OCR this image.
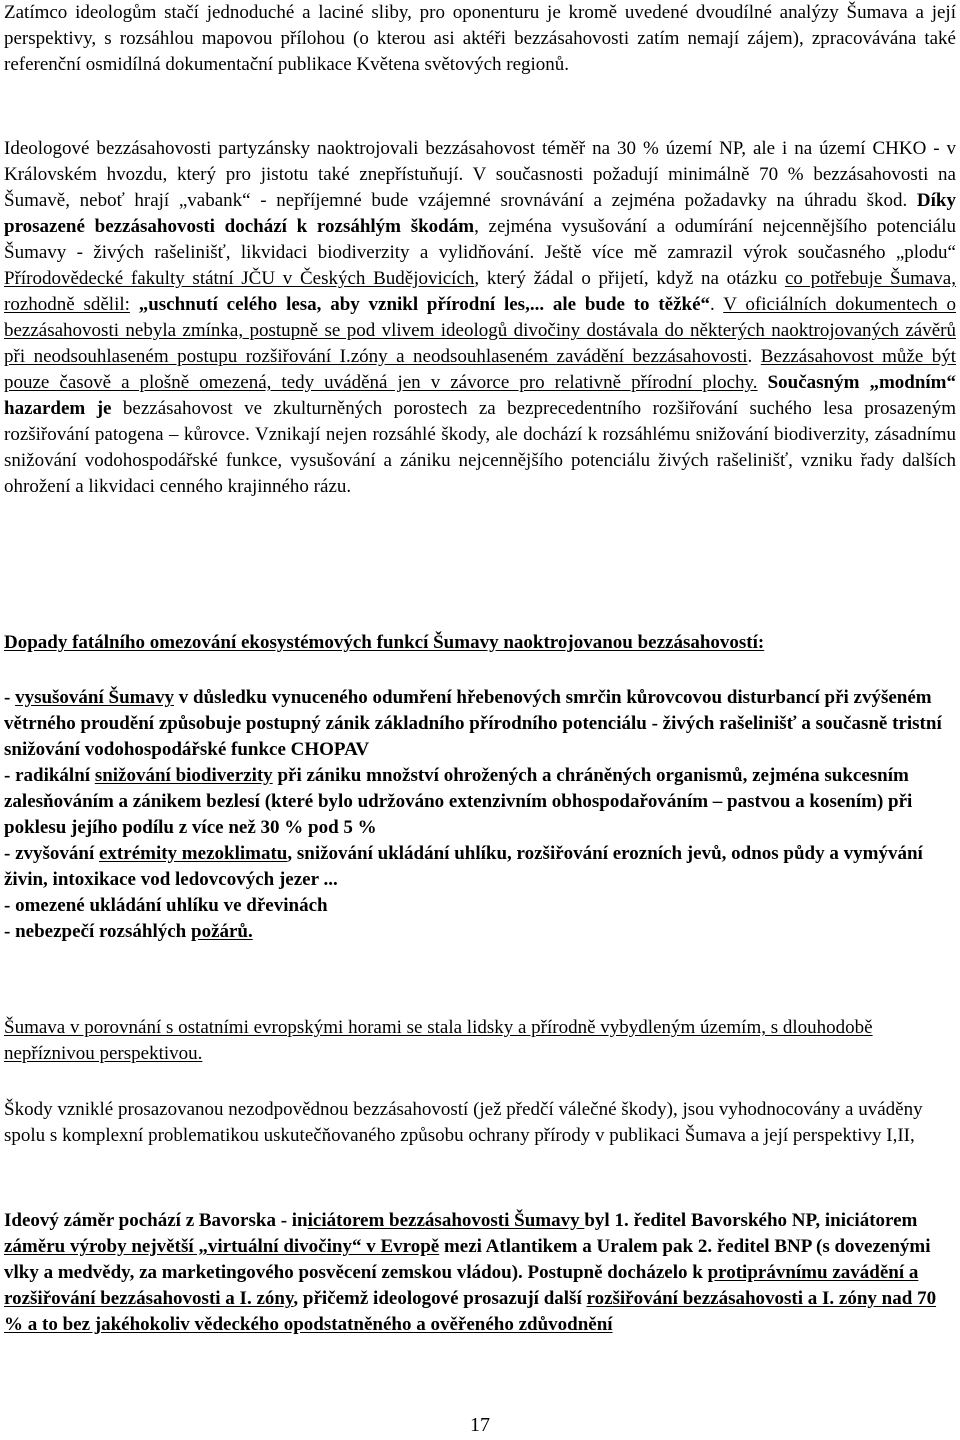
Zatímco ideologům stačí jednoduché a laciné sliby, pro oponenturu je kromě uvedené dvoudílné analýzy Šumava a její perspektivy, s rozsáhlou mapovou přílohou (o kterou asi aktéři bezzásahovosti zatím nemají zájem), zpracovávána také referenční osmidílná dokumentační publikace Květena světových regionů.

Ideologové bezzásahovosti partyzánsky naoktrojovali bezzásahovost téměř na 30 % území NP, ale i na území CHKO - v Královském hvozdu, který pro jistotu také znepřístuňují. V současnosti požadují minimálně 70 % bezzásahovosti na Šumavě, neboť hrají „vabank“ - nepříjemné bude vzájemné srovnávání a zejména požadavky na úhradu škod. Díky prosazené bezzásahovosti dochází k rozsáhlým škodám, zejména vysušování a odumírání nejcennějšího potenciálu Šumavy - živých rašelinišť, likvidaci biodiverzity a vylidňování. Ještě více mě zamrazil výrok současného „plodu“ Přírodovědecké fakulty státní JČU v Českých Budějovicích, který žádal o přijetí, když na otázku co potřebuje Šumava, rozhodně sdělil: „uschnutí celého lesa, aby vznikl přírodní les,... ale bude to těžké“. V oficiálních dokumentech o bezzásahovosti nebyla zmínka, postupně se pod vlivem ideologů divočiny dostávala do některých naoktrojovaných závěrů při neodsouhlaseném postupu rozšiřování I.zóny a neodsouhlaseném zavádění bezzásahovosti. Bezzásahovost může být pouze časově a plošně omezená, tedy uváděná jen v závorce pro relativně přírodní plochy. Současným „modním“ hazardem je bezzásahovost ve zkulturněných porostech za bezprecedentního rozšiřování suchého lesa prosazeným rozšiřování patogena – kůrovce. Vznikají nejen rozsáhlé škody, ale dochází k rozsáhlému snižování biodiverzity, zásadnímu snižování vodohospodářské funkce, vysušování a zániku nejcennějšího potenciálu živých rašelinišť, vzniku řady dalších ohrožení a likvidaci cenného krajinného rázu.

Dopady fatálního omezování ekosystémových funkcí Šumavy naoktrojovanou bezzásahovostí:

- vysušování Šumavy v důsledku vynuceného odumření hřebenových smrčin kůrovcovou disturbancí při zvýšeném větrného proudění způsobuje postupný zánik základního přírodního potenciálu - živých rašelinišť a současně tristní snižování vodohospodářské funkce CHOPAV
- radikální snižování biodiverzity při zániku množství ohrožených a chráněných organismů, zejména sukcesním zalesňováním a zánikem bezlesí (které bylo udržováno extenzivním obhospodařováním – pastvou a kosením) při poklesu jejího podílu z více než 30 % pod 5 %
- zvyšování extrémity mezoklimatu, snižování ukládání uhlíku, rozšiřování erozních jevů, odnos půdy a vymývání živin, intoxikace vod ledovcových jezer ...
- omezené ukládání uhlíku ve dřevinách
- nebezpečí rozsáhlých požárů.

Šumava v porovnání s ostatními evropskými horami se stala lidsky a přírodně vybydleným územím, s dlouhodobě nepříznivou perspektivou.

Škody vzniklé prosazovanou nezodpovědnou bezzásahovostí (jež předčí válečné škody), jsou vyhodnocovány a uváděny spolu s komplexní problematikou uskutečňovaného způsobu ochrany přírody v publikaci Šumava a její perspektivy I,II,

Ideový záměr pochází z Bavorska - iniciátorem bezzásahovosti Šumavy byl 1. ředitel Bavorského NP, iniciátorem záměru výroby největší „virtuální divočiny“ v Evropě mezi Atlantikem a Uralem pak 2. ředitel BNP (s dovezenými vlky a medvědy, za marketingového posvěcení zemskou vládou). Postupně docházelo k protiprávnímu zavádění a rozšiřování bezzásahovosti a I. zóny, přičemž ideologové prosazují další rozšiřování bezzásahovosti a I. zóny nad 70 % a to bez jakéhokoliv vědeckého opodstatněného a ověřeného zdůvodnění

17
